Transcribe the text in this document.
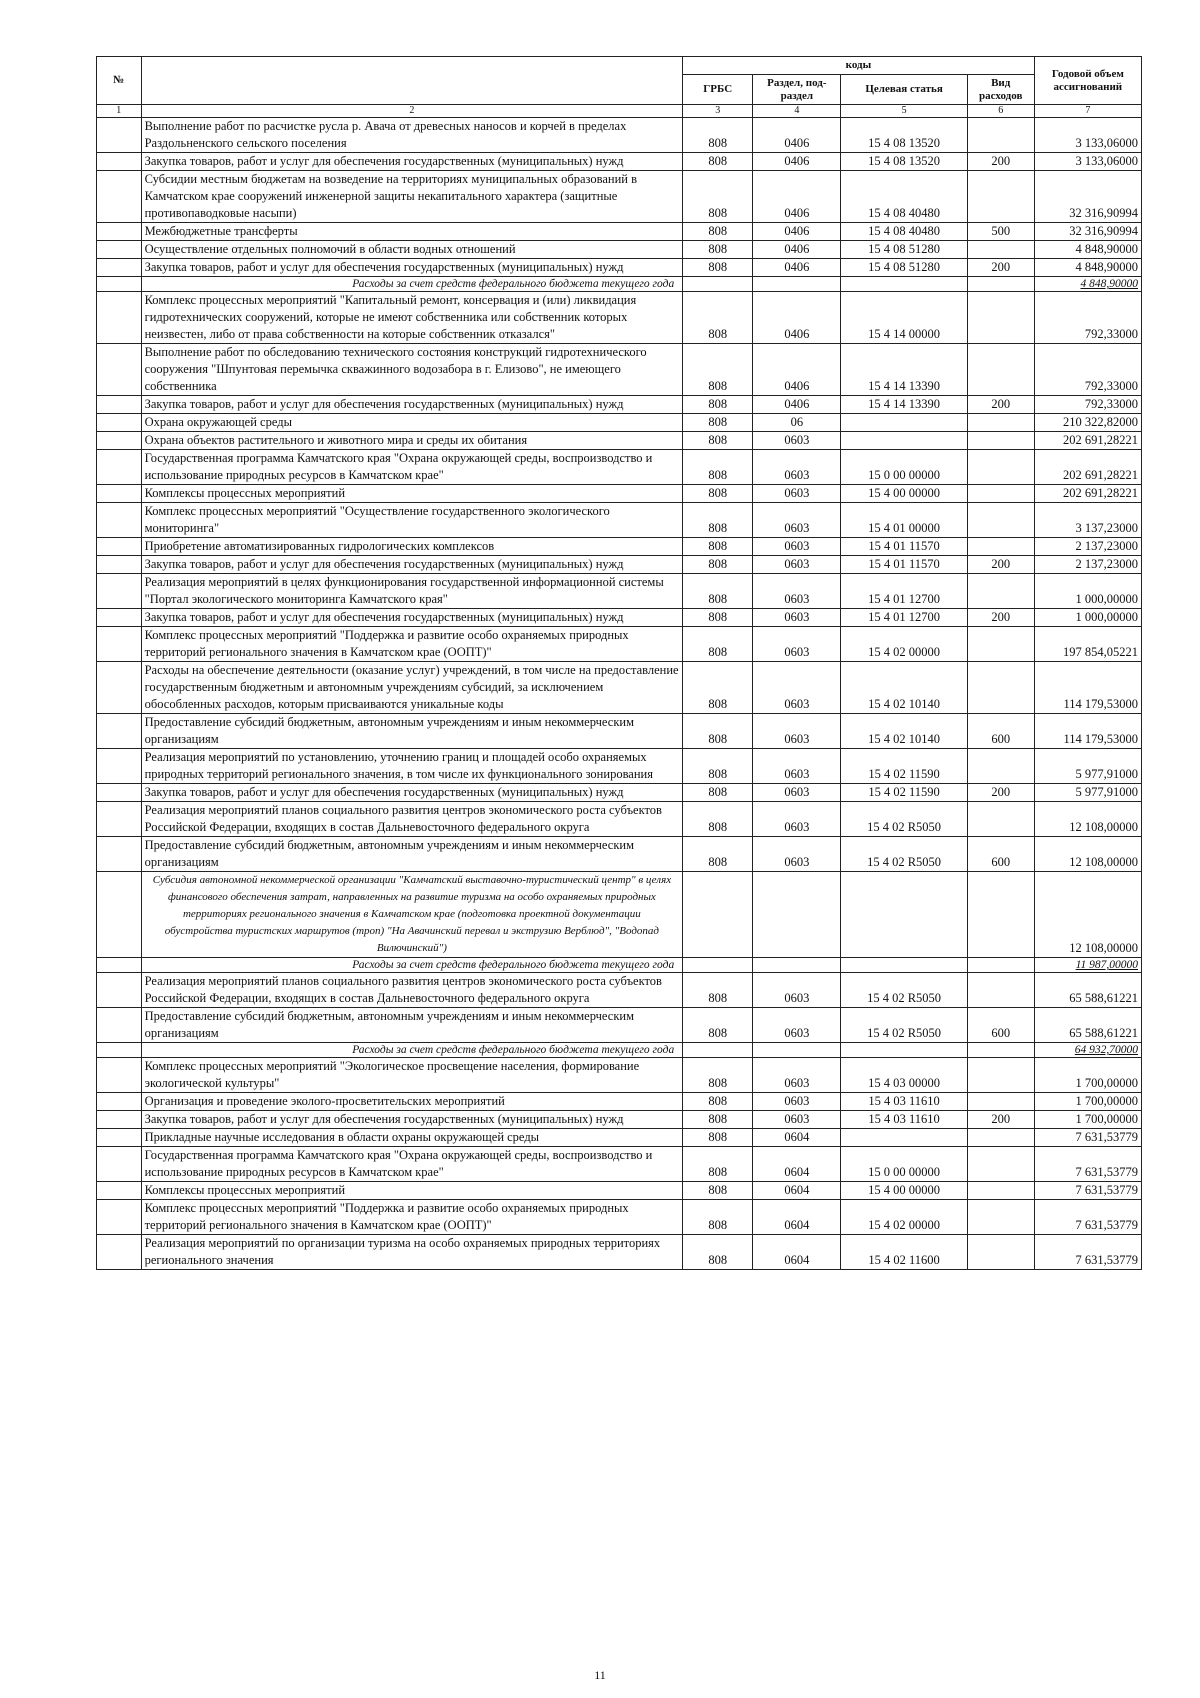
№		коды				Годовой объем ассигнований
		ГРБС	Раздел, под-раздел	Целевая статья	Вид расходов	
1	2	3	4	5	6	7
	Выполнение работ по расчистке русла р. Авача от древесных наносов и корчей в пределах Раздольненского сельского поселения	808	0406	15 4 08 13520		3 133,06000
	Закупка товаров, работ и услуг для обеспечения государственных (муниципальных) нужд	808	0406	15 4 08 13520	200	3 133,06000
	Субсидии местным бюджетам на возведение на территориях муниципальных образований в Камчатском крае сооружений инженерной защиты некапитального характера (защитные противопаводковые насыпи)	808	0406	15 4 08 40480		32 316,90994
	Межбюджетные трансферты	808	0406	15 4 08 40480	500	32 316,90994
	Осуществление отдельных полномочий в области водных отношений	808	0406	15 4 08 51280		4 848,90000
	Закупка товаров, работ и услуг для обеспечения государственных (муниципальных) нужд	808	0406	15 4 08 51280	200	4 848,90000
	Расходы за счет средств федерального бюджета текущего года					4 848,90000
	Комплекс процессных мероприятий "Капитальный ремонт, консервация и (или) ликвидация гидротехнических сооружений, которые не имеют собственника или собственник которых неизвестен, либо от права собственности на которые собственник отказался"	808	0406	15 4 14 00000		792,33000
	Выполнение работ по обследованию технического состояния конструкций гидротехнического сооружения "Шпунтовая перемычка скважинного водозабора в г. Елизово", не имеющего собственника	808	0406	15 4 14 13390		792,33000
	Закупка товаров, работ и услуг для обеспечения государственных (муниципальных) нужд	808	0406	15 4 14 13390	200	792,33000
	Охрана окружающей среды	808	06			210 322,82000
	Охрана объектов растительного и животного мира и среды их обитания	808	0603			202 691,28221
	Государственная программа Камчатского края "Охрана окружающей среды, воспроизводство и использование природных ресурсов в Камчатском крае"	808	0603	15 0 00 00000		202 691,28221
	Комплексы процессных мероприятий	808	0603	15 4 00 00000		202 691,28221
	Комплекс процессных мероприятий "Осуществление государственного экологического мониторинга"	808	0603	15 4 01 00000		3 137,23000
	Приобретение автоматизированных гидрологических комплексов	808	0603	15 4 01 11570		2 137,23000
	Закупка товаров, работ и услуг для обеспечения государственных (муниципальных) нужд	808	0603	15 4 01 11570	200	2 137,23000
	Реализация мероприятий в целях функционирования государственной информационной системы "Портал экологического мониторинга Камчатского края"	808	0603	15 4 01 12700		1 000,00000
	Закупка товаров, работ и услуг для обеспечения государственных (муниципальных) нужд	808	0603	15 4 01 12700	200	1 000,00000
	Комплекс процессных мероприятий "Поддержка и развитие особо охраняемых природных территорий регионального значения в Камчатском крае (ООПТ)"	808	0603	15 4 02 00000		197 854,05221
	Расходы на обеспечение деятельности (оказание услуг) учреждений, в том числе на предоставление государственным бюджетным и автономным учреждениям субсидий, за исключением обособленных расходов, которым присваиваются уникальные коды	808	0603	15 4 02 10140		114 179,53000
	Предоставление субсидий бюджетным, автономным учреждениям и иным некоммерческим организациям	808	0603	15 4 02 10140	600	114 179,53000
	Реализация мероприятий по установлению, уточнению границ и площадей особо охраняемых природных территорий регионального значения, в том числе их функционального зонирования	808	0603	15 4 02 11590		5 977,91000
	Закупка товаров, работ и услуг для обеспечения государственных (муниципальных) нужд	808	0603	15 4 02 11590	200	5 977,91000
	Реализация мероприятий планов социального развития центров экономического роста субъектов Российской Федерации, входящих в состав Дальневосточного федерального округа	808	0603	15 4 02 R5050		12 108,00000
	Предоставление субсидий бюджетным, автономным учреждениям и иным некоммерческим организациям	808	0603	15 4 02 R5050	600	12 108,00000
	Субсидия автономной некоммерческой организации "Камчатский выставочно-туристический центр" в целях финансового обеспечения затрат, направленных на развитие туризма на особо охраняемых природных территориях регионального значения в Камчатском крае (подготовка проектной документации обустройства туристских маршрутов (троп) "На Авачинский перевал и экструзию Верблюд", "Водопад Вилючинский")					12 108,00000
	Расходы за счет средств федерального бюджета текущего года					11 987,00000
	Реализация мероприятий планов социального развития центров экономического роста субъектов Российской Федерации, входящих в состав Дальневосточного федерального округа	808	0603	15 4 02 R5050		65 588,61221
	Предоставление субсидий бюджетным, автономным учреждениям и иным некоммерческим организациям	808	0603	15 4 02 R5050	600	65 588,61221
	Расходы за счет средств федерального бюджета текущего года					64 932,70000
	Комплекс процессных мероприятий "Экологическое просвещение населения, формирование экологической культуры"	808	0603	15 4 03 00000		1 700,00000
	Организация и проведение эколого-просветительских мероприятий	808	0603	15 4 03 11610		1 700,00000
	Закупка товаров, работ и услуг для обеспечения государственных (муниципальных) нужд	808	0603	15 4 03 11610	200	1 700,00000
	Прикладные научные исследования в области охраны окружающей среды	808	0604			7 631,53779
	Государственная программа Камчатского края "Охрана окружающей среды, воспроизводство и использование природных ресурсов в Камчатском крае"	808	0604	15 0 00 00000		7 631,53779
	Комплексы процессных мероприятий	808	0604	15 4 00 00000		7 631,53779
	Комплекс процессных мероприятий "Поддержка и развитие особо охраняемых природных территорий регионального значения в Камчатском крае (ООПТ)"	808	0604	15 4 02 00000		7 631,53779
	Реализация мероприятий по организации туризма на особо охраняемых природных территориях регионального значения	808	0604	15 4 02 11600		7 631,53779
11
